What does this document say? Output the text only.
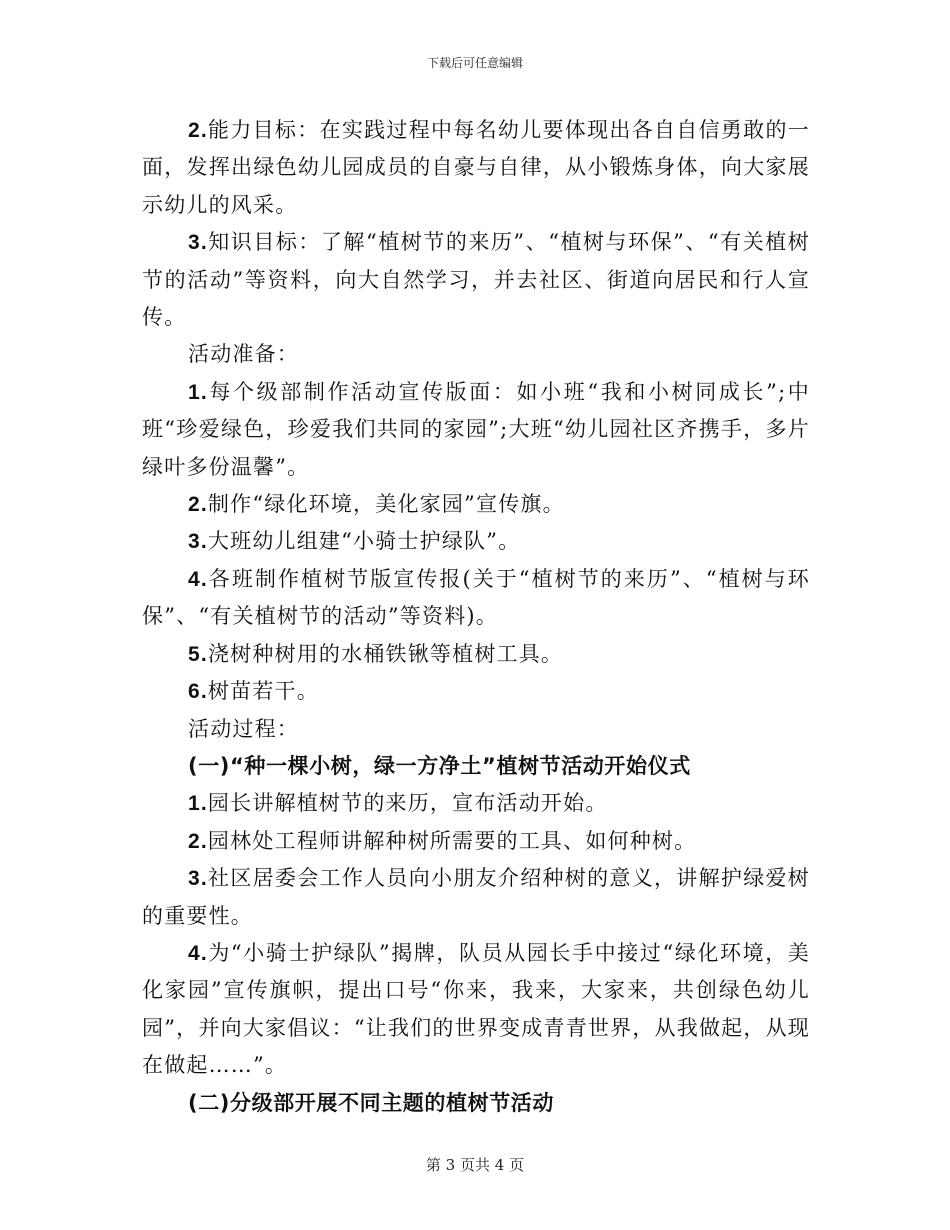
下载后可任意编辑

2.能力目标：在实践过程中每名幼儿要体现出各自自信勇敢的一面，发挥出绿色幼儿园成员的自豪与自律，从小锻炼身体，向大家展示幼儿的风采。

3.知识目标：了解“植树节的来历”、“植树与环保”、“有关植树节的活动”等资料，向大自然学习，并去社区、街道向居民和行人宣传。

活动准备：

1.每个级部制作活动宣传版面：如小班“我和小树同成长”;中班“珍爱绿色，珍爱我们共同的家园”;大班“幼儿园社区齐携手，多片绿叶多份温馨”。

2.制作“绿化环境，美化家园”宣传旗。

3.大班幼儿组建“小骑士护绿队”。

4.各班制作植树节版宣传报(关于“植树节的来历”、“植树与环保”、“有关植树节的活动”等资料)。

5.浇树种树用的水桶铁锹等植树工具。

6.树苗若干。

活动过程：

(一)“种一棵小树，绿一方净土”植树节活动开始仪式

1.园长讲解植树节的来历，宣布活动开始。

2.园林处工程师讲解种树所需要的工具、如何种树。

3.社区居委会工作人员向小朋友介绍种树的意义，讲解护绿爱树的重要性。

4.为“小骑士护绿队”揭牌，队员从园长手中接过“绿化环境，美化家园”宣传旗帜，提出口号“你来，我来，大家来，共创绿色幼儿园”，并向大家倡议：“让我们的世界变成青青世界，从我做起，从现在做起……”。

(二)分级部开展不同主题的植树节活动

第 3 页共 4 页
